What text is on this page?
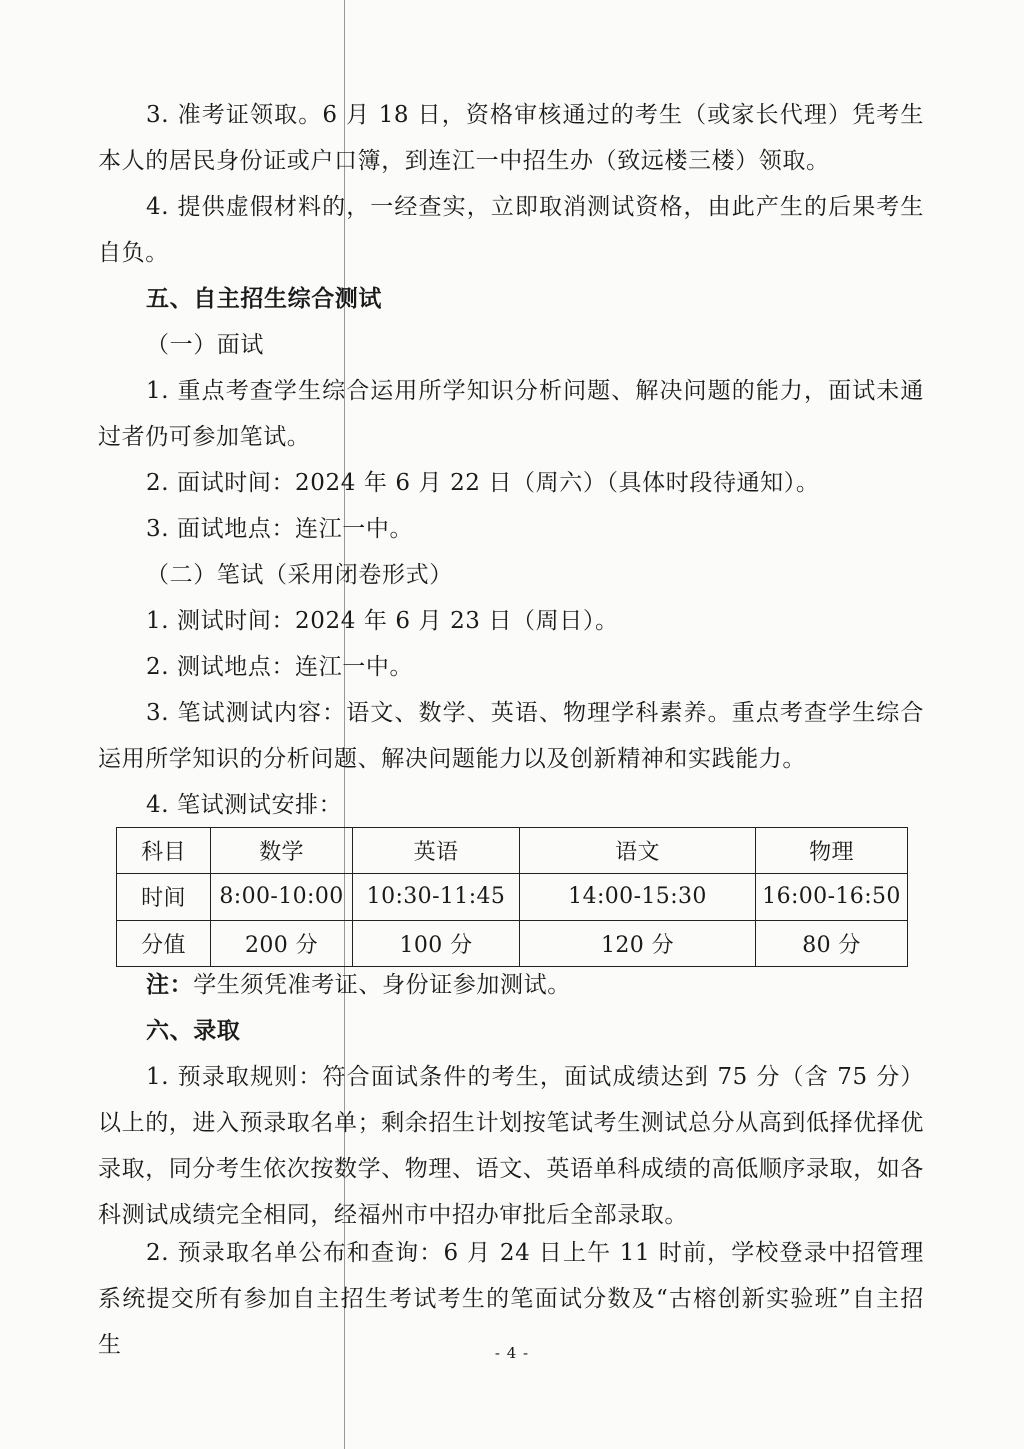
3. 准考证领取。6 月 18 日，资格审核通过的考生（或家长代理）凭考生本人的居民身份证或户口簿，到连江一中招生办（致远楼三楼）领取。

4. 提供虚假材料的，一经查实，立即取消测试资格，由此产生的后果考生自负。

五、自主招生综合测试

（一）面试

1. 重点考查学生综合运用所学知识分析问题、解决问题的能力，面试未通过者仍可参加笔试。

2. 面试时间：2024 年 6 月 22 日（周六）（具体时段待通知）。

3. 面试地点：连江一中。

（二）笔试（采用闭卷形式）

1. 测试时间：2024 年 6 月 23 日（周日）。

2. 测试地点：连江一中。

3. 笔试测试内容：语文、数学、英语、物理学科素养。重点考查学生综合运用所学知识的分析问题、解决问题能力以及创新精神和实践能力。

4. 笔试测试安排：

科目	数学	英语	语文	物理
时间	8:00-10:00	10:30-11:45	14:00-15:30	16:00-16:50
分值	200 分	100 分	120 分	80 分

注：学生须凭准考证、身份证参加测试。

六、录取

1. 预录取规则：符合面试条件的考生，面试成绩达到 75 分（含 75 分）以上的，进入预录取名单；剩余招生计划按笔试考生测试总分从高到低择优择优录取，同分考生依次按数学、物理、语文、英语单科成绩的高低顺序录取，如各科测试成绩完全相同，经福州市中招办审批后全部录取。

2. 预录取名单公布和查询：6 月 24 日上午 11 时前，学校登录中招管理系统提交所有参加自主招生考试考生的笔面试分数及“古榕创新实验班”自主招生	- 4 -
